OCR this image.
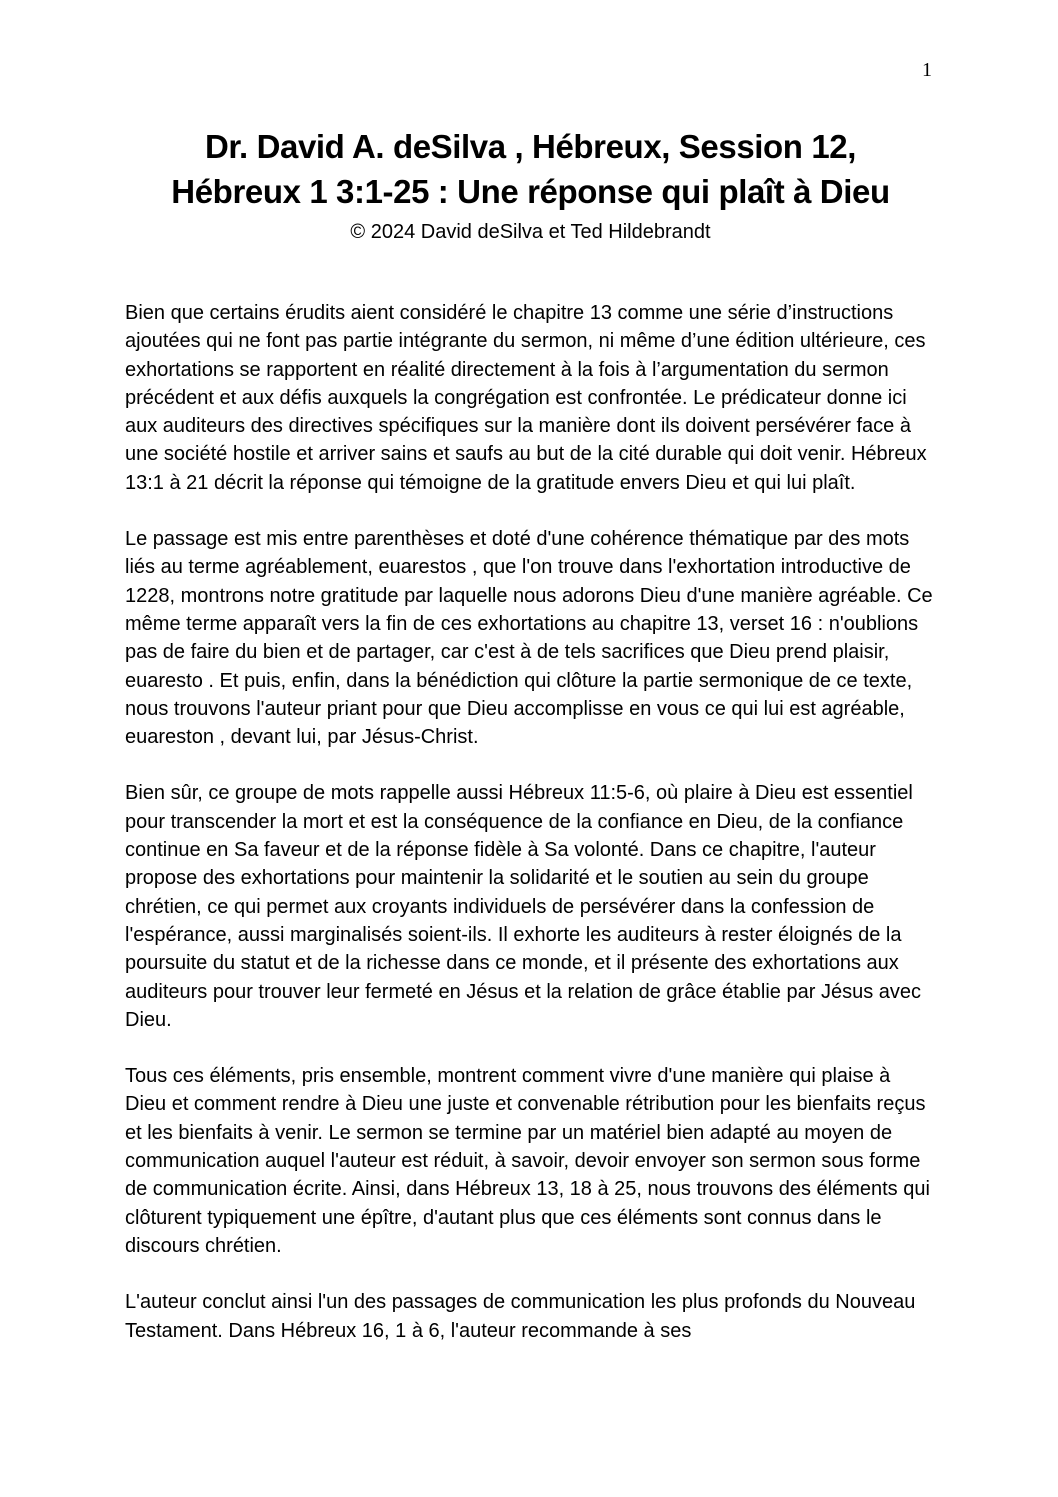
1
Dr. David A. deSilva , Hébreux, Session 12,
Hébreux 1 3:1-25 : Une réponse qui plaît à Dieu
© 2024 David deSilva et Ted Hildebrandt

Bien que certains érudits aient considéré le chapitre 13 comme une série d’instructions ajoutées qui ne font pas partie intégrante du sermon, ni même d’une édition ultérieure, ces exhortations se rapportent en réalité directement à la fois à l’argumentation du sermon précédent et aux défis auxquels la congrégation est confrontée. Le prédicateur donne ici aux auditeurs des directives spécifiques sur la manière dont ils doivent persévérer face à une société hostile et arriver sains et saufs au but de la cité durable qui doit venir. Hébreux 13:1 à 21 décrit la réponse qui témoigne de la gratitude envers Dieu et qui lui plaît.

Le passage est mis entre parenthèses et doté d'une cohérence thématique par des mots liés au terme agréablement, euarestos , que l'on trouve dans l'exhortation introductive de 1228, montrons notre gratitude par laquelle nous adorons Dieu d'une manière agréable. Ce même terme apparaît vers la fin de ces exhortations au chapitre 13, verset 16 : n'oublions pas de faire du bien et de partager, car c'est à de tels sacrifices que Dieu prend plaisir, euaresto . Et puis, enfin, dans la bénédiction qui clôture la partie sermonique de ce texte, nous trouvons l'auteur priant pour que Dieu accomplisse en vous ce qui lui est agréable, euareston , devant lui, par Jésus-Christ.

Bien sûr, ce groupe de mots rappelle aussi Hébreux 11:5-6, où plaire à Dieu est essentiel pour transcender la mort et est la conséquence de la confiance en Dieu, de la confiance continue en Sa faveur et de la réponse fidèle à Sa volonté. Dans ce chapitre, l'auteur propose des exhortations pour maintenir la solidarité et le soutien au sein du groupe chrétien, ce qui permet aux croyants individuels de persévérer dans la confession de l'espérance, aussi marginalisés soient-ils. Il exhorte les auditeurs à rester éloignés de la poursuite du statut et de la richesse dans ce monde, et il présente des exhortations aux auditeurs pour trouver leur fermeté en Jésus et la relation de grâce établie par Jésus avec Dieu.

Tous ces éléments, pris ensemble, montrent comment vivre d'une manière qui plaise à Dieu et comment rendre à Dieu une juste et convenable rétribution pour les bienfaits reçus et les bienfaits à venir. Le sermon se termine par un matériel bien adapté au moyen de communication auquel l'auteur est réduit, à savoir, devoir envoyer son sermon sous forme de communication écrite. Ainsi, dans Hébreux 13, 18 à 25, nous trouvons des éléments qui clôturent typiquement une épître, d'autant plus que ces éléments sont connus dans le discours chrétien.

L'auteur conclut ainsi l'un des passages de communication les plus profonds du Nouveau Testament. Dans Hébreux 16, 1 à 6, l'auteur recommande à ses
